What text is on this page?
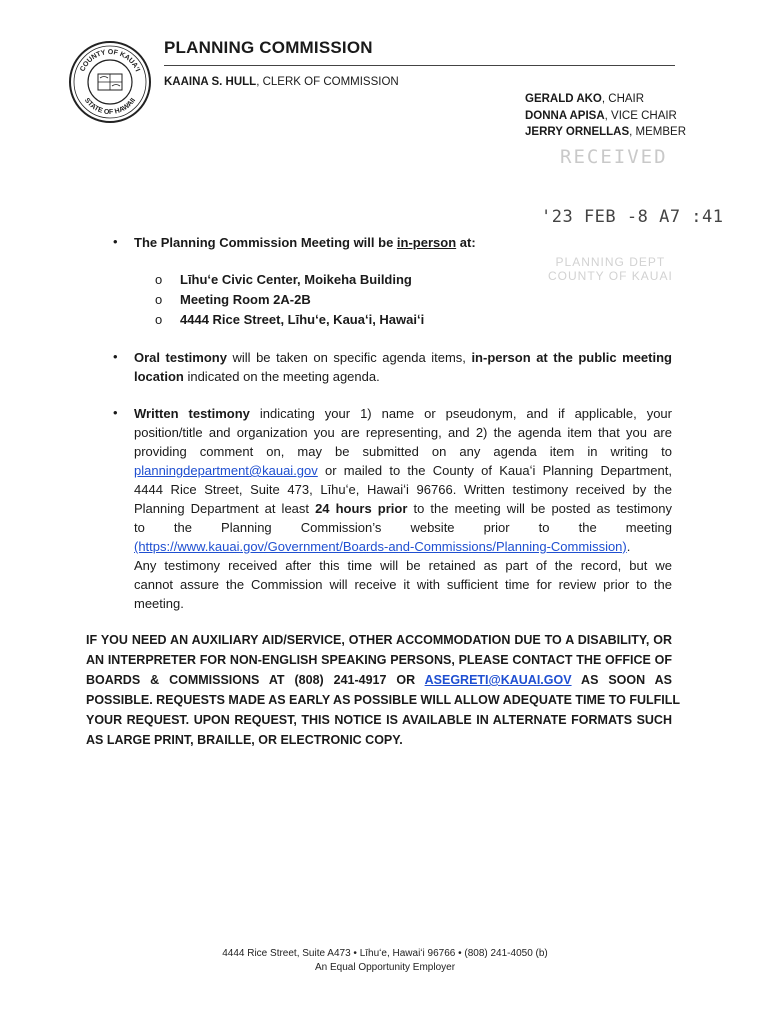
COUNTY OF KAUAʻI
STATE OF HAWAII
PLANNING COMMISSION
KAAINA S. HULL, CLERK OF COMMISSION
GERALD AKO, CHAIR
DONNA APISA, VICE CHAIR
JERRY ORNELLAS, MEMBER
RECEIVED
'23 FEB -8 A7 :41
PLANNING DEPT
COUNTY OF KAUAI
• The Planning Commission Meeting will be in-person at:
o Līhuʻe Civic Center, Moikeha Building
o Meeting Room 2A-2B
o 4444 Rice Street, Līhuʻe, Kauaʻi, Hawaiʻi
• Oral testimony will be taken on specific agenda items, in-person at the public meeting
location indicated on the meeting agenda.
• Written testimony indicating your 1) name or pseudonym, and if applicable, your
position/title and organization you are representing, and 2) the agenda item that you are
providing comment on, may be submitted on any agenda item in writing to
planningdepartment@kauai.gov or mailed to the County of Kauaʻi Planning Department,
4444 Rice Street, Suite 473, Līhuʻe, Hawaiʻi 96766. Written testimony received by the
Planning Department at least 24 hours prior to the meeting will be posted as testimony
to the Planning Commission’s website prior to the meeting
(https://www.kauai.gov/Government/Boards-and-Commissions/Planning-Commission).
Any testimony received after this time will be retained as part of the record, but we
cannot assure the Commission will receive it with sufficient time for review prior to the
meeting.
IF YOU NEED AN AUXILIARY AID/SERVICE, OTHER ACCOMMODATION DUE TO A DISABILITY, OR
AN INTERPRETER FOR NON-ENGLISH SPEAKING PERSONS, PLEASE CONTACT THE OFFICE OF
BOARDS & COMMISSIONS AT (808) 241-4917 OR ASEGRETI@KAUAI.GOV AS SOON AS
POSSIBLE. REQUESTS MADE AS EARLY AS POSSIBLE WILL ALLOW ADEQUATE TIME TO FULFILL
YOUR REQUEST. UPON REQUEST, THIS NOTICE IS AVAILABLE IN ALTERNATE FORMATS SUCH
AS LARGE PRINT, BRAILLE, OR ELECTRONIC COPY.
4444 Rice Street, Suite A473 • Līhuʻe, Hawaiʻi 96766 • (808) 241-4050 (b)
An Equal Opportunity Employer
